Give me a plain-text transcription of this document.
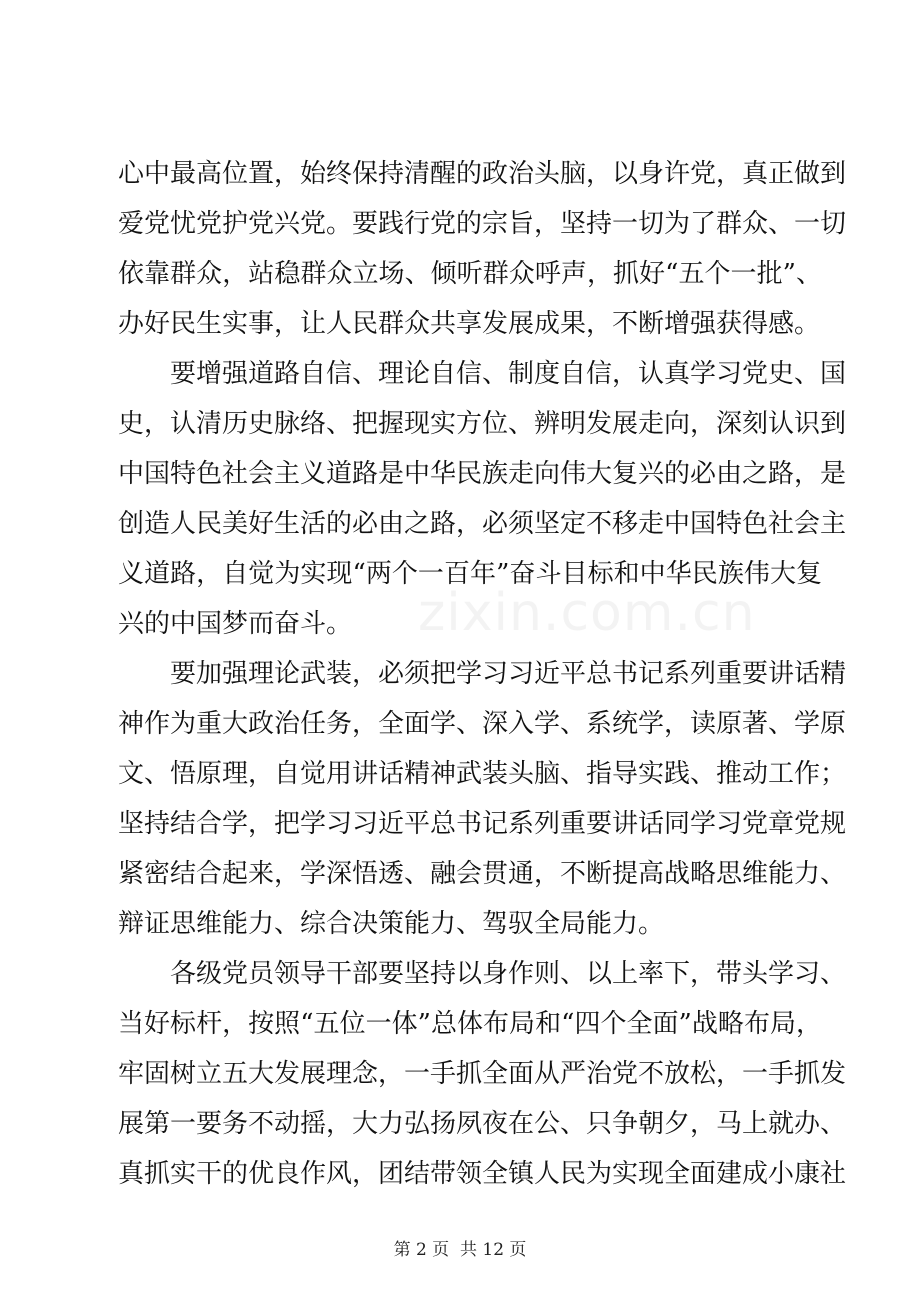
zixin.com.cn
心中最高位置，始终保持清醒的政治头脑，以身许党，真正做到
爱党忧党护党兴党。要践行党的宗旨，坚持一切为了群众、一切
依靠群众，站稳群众立场、倾听群众呼声，抓好“五个一批”、
办好民生实事，让人民群众共享发展成果，不断增强获得感。
要增强道路自信、理论自信、制度自信，认真学习党史、国
史，认清历史脉络、把握现实方位、辨明发展走向，深刻认识到
中国特色社会主义道路是中华民族走向伟大复兴的必由之路，是
创造人民美好生活的必由之路，必须坚定不移走中国特色社会主
义道路，自觉为实现“两个一百年”奋斗目标和中华民族伟大复
兴的中国梦而奋斗。
要加强理论武装，必须把学习习近平总书记系列重要讲话精
神作为重大政治任务，全面学、深入学、系统学，读原著、学原
文、悟原理，自觉用讲话精神武装头脑、指导实践、推动工作；
坚持结合学，把学习习近平总书记系列重要讲话同学习党章党规
紧密结合起来，学深悟透、融会贯通，不断提高战略思维能力、
辩证思维能力、综合决策能力、驾驭全局能力。
各级党员领导干部要坚持以身作则、以上率下，带头学习、
当好标杆，按照“五位一体”总体布局和“四个全面”战略布局，
牢固树立五大发展理念，一手抓全面从严治党不放松，一手抓发
展第一要务不动摇，大力弘扬夙夜在公、只争朝夕，马上就办、
第 2 页  共 12 页
真抓实干的优良作风，团结带领全镇人民为实现全面建成小康社
